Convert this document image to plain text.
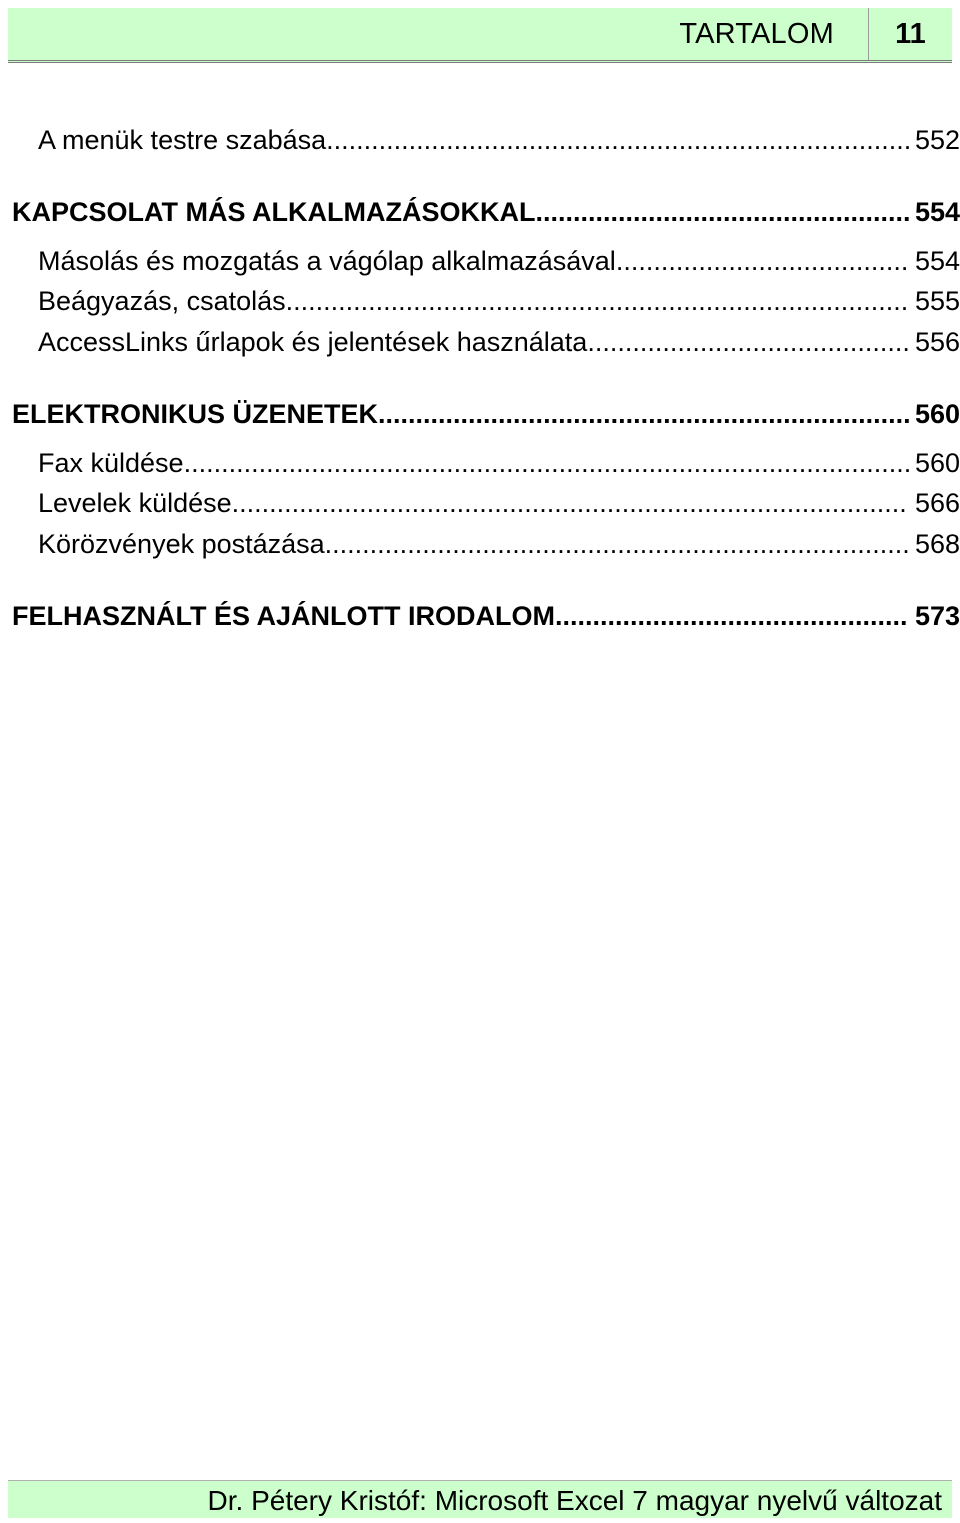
TARTALOM	11
A menük testre szabása .....	552
KAPCSOLAT MÁS ALKALMAZÁSOKKAL .....	554
Másolás és mozgatás a vágólap alkalmazásával .....	554
Beágyazás, csatolás .....	555
AccessLinks űrlapok és jelentések használata .....	556
ELEKTRONIKUS ÜZENETEK .....	560
Fax küldése .....	560
Levelek küldése .....	566
Körözvények postázása .....	568
FELHASZNÁLT ÉS AJÁNLOTT IRODALOM .....	573
Dr. Pétery Kristóf: Microsoft Excel 7 magyar nyelvű változat
